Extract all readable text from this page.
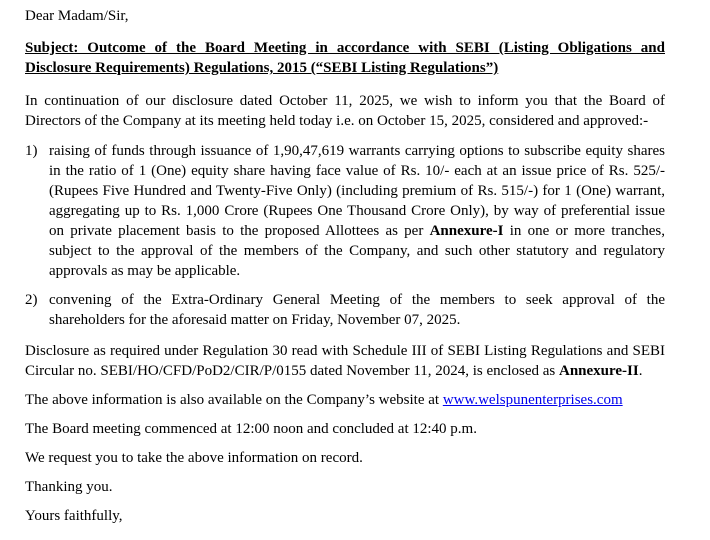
Dear Madam/Sir,

Subject: Outcome of the Board Meeting in accordance with SEBI (Listing Obligations and Disclosure Requirements) Regulations, 2015 (“SEBI Listing Regulations”)

In continuation of our disclosure dated October 11, 2025, we wish to inform you that the Board of Directors of the Company at its meeting held today i.e. on October 15, 2025, considered and approved:-

1) raising of funds through issuance of 1,90,47,619 warrants carrying options to subscribe equity shares in the ratio of 1 (One) equity share having face value of Rs. 10/- each at an issue price of Rs. 525/- (Rupees Five Hundred and Twenty-Five Only) (including premium of Rs. 515/-) for 1 (One) warrant, aggregating up to Rs. 1,000 Crore (Rupees One Thousand Crore Only), by way of preferential issue on private placement basis to the proposed Allottees as per Annexure-I in one or more tranches, subject to the approval of the members of the Company, and such other statutory and regulatory approvals as may be applicable.
2) convening of the Extra-Ordinary General Meeting of the members to seek approval of the shareholders for the aforesaid matter on Friday, November 07, 2025.

Disclosure as required under Regulation 30 read with Schedule III of SEBI Listing Regulations and SEBI Circular no. SEBI/HO/CFD/PoD2/CIR/P/0155 dated November 11, 2024, is enclosed as Annexure-II.

The above information is also available on the Company’s website at www.welspunenterprises.com

The Board meeting commenced at 12:00 noon and concluded at 12:40 p.m.

We request you to take the above information on record.

Thanking you.

Yours faithfully,
